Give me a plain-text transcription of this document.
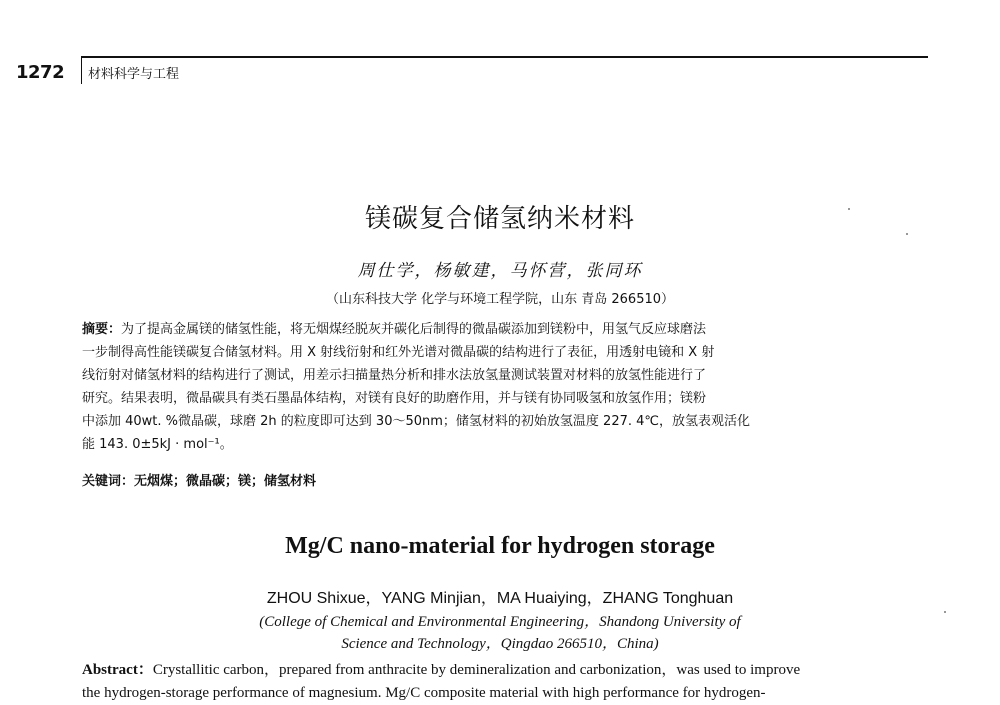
1272 材料科学与工程
镁碳复合储氢纳米材料
周仕学，杨敏建，马怀营，张同环
（山东科技大学 化学与环境工程学院，山东 青岛 266510）
摘要：为了提高金属镁的储氢性能，将无烟煤经脱灰并碳化后制得的微晶碳添加到镁粉中，用氢气反应球磨法
一步制得高性能镁碳复合储氢材料。用 X 射线衍射和红外光谱对微晶碳的结构进行了表征，用透射电镜和 X 射
线衍射对储氢材料的结构进行了测试，用差示扫描量热分析和排水法放氢量测试装置对材料的放氢性能进行了
研究。结果表明，微晶碳具有类石墨晶体结构，对镁有良好的助磨作用，并与镁有协同吸氢和放氢作用；镁粉
中添加 40wt. %微晶碳，球磨 2h 的粒度即可达到 30～50nm；储氢材料的初始放氢温度 227. 4℃，放氢表观活化
能 143. 0±5kJ · mol⁻¹。
关键词：无烟煤；微晶碳；镁；储氢材料
Mg/C nano-material for hydrogen storage
ZHOU Shixue，YANG Minjian，MA Huaiying，ZHANG Tonghuan
(College of Chemical and Environmental Engineering，Shandong University of
Science and Technology，Qingdao 266510，China)
Abstract：Crystallitic carbon，prepared from anthracite by demineralization and carbonization，was used to improve
the hydrogen-storage performance of magnesium. Mg/C composite material with high performance for hydrogen-
